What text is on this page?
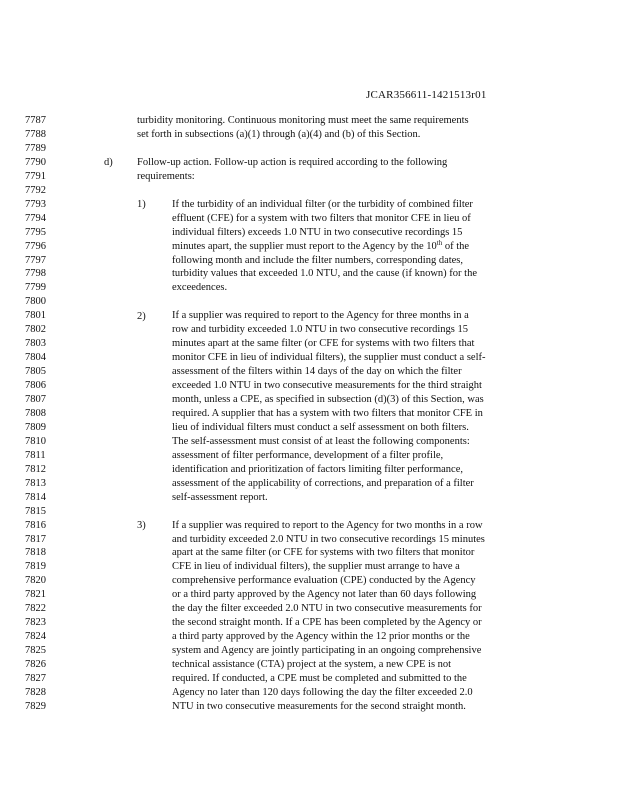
JCAR356611-1421513r01
7787
7788
7789
7790
7791
7792
7793
7794
7795
7796
7797
7798
7799
7800
7801
7802
7803
7804
7805
7806
7807
7808
7809
7810
7811
7812
7813
7814
7815
7816
7817
7818
7819
7820
7821
7822
7823
7824
7825
7826
7827
7828
7829
turbidity monitoring. Continuous monitoring must meet the same requirements
set forth in subsections (a)(1) through (a)(4) and (b) of this Section.
Follow-up action. Follow-up action is required according to the following
requirements:
If the turbidity of an individual filter (or the turbidity of combined filter
effluent (CFE) for a system with two filters that monitor CFE in lieu of
individual filters) exceeds 1.0 NTU in two consecutive recordings 15
minutes apart, the supplier must report to the Agency by the 10th of the
following month and include the filter numbers, corresponding dates,
turbidity values that exceeded 1.0 NTU, and the cause (if known) for the
exceedences.
If a supplier was required to report to the Agency for three months in a
row and turbidity exceeded 1.0 NTU in two consecutive recordings 15
minutes apart at the same filter (or CFE for systems with two filters that
monitor CFE in lieu of individual filters), the supplier must conduct a self-
assessment of the filters within 14 days of the day on which the filter
exceeded 1.0 NTU in two consecutive measurements for the third straight
month, unless a CPE, as specified in subsection (d)(3) of this Section, was
required. A supplier that has a system with two filters that monitor CFE in
lieu of individual filters must conduct a self assessment on both filters.
The self-assessment must consist of at least the following components:
assessment of filter performance, development of a filter profile,
identification and prioritization of factors limiting filter performance,
assessment of the applicability of corrections, and preparation of a filter
self-assessment report.
If a supplier was required to report to the Agency for two months in a row
and turbidity exceeded 2.0 NTU in two consecutive recordings 15 minutes
apart at the same filter (or CFE for systems with two filters that monitor
CFE in lieu of individual filters), the supplier must arrange to have a
comprehensive performance evaluation (CPE) conducted by the Agency
or a third party approved by the Agency not later than 60 days following
the day the filter exceeded 2.0 NTU in two consecutive measurements for
the second straight month. If a CPE has been completed by the Agency or
a third party approved by the Agency within the 12 prior months or the
system and Agency are jointly participating in an ongoing comprehensive
technical assistance (CTA) project at the system, a new CPE is not
required. If conducted, a CPE must be completed and submitted to the
Agency no later than 120 days following the day the filter exceeded 2.0
NTU in two consecutive measurements for the second straight month.
d)
1)
2)
3)
